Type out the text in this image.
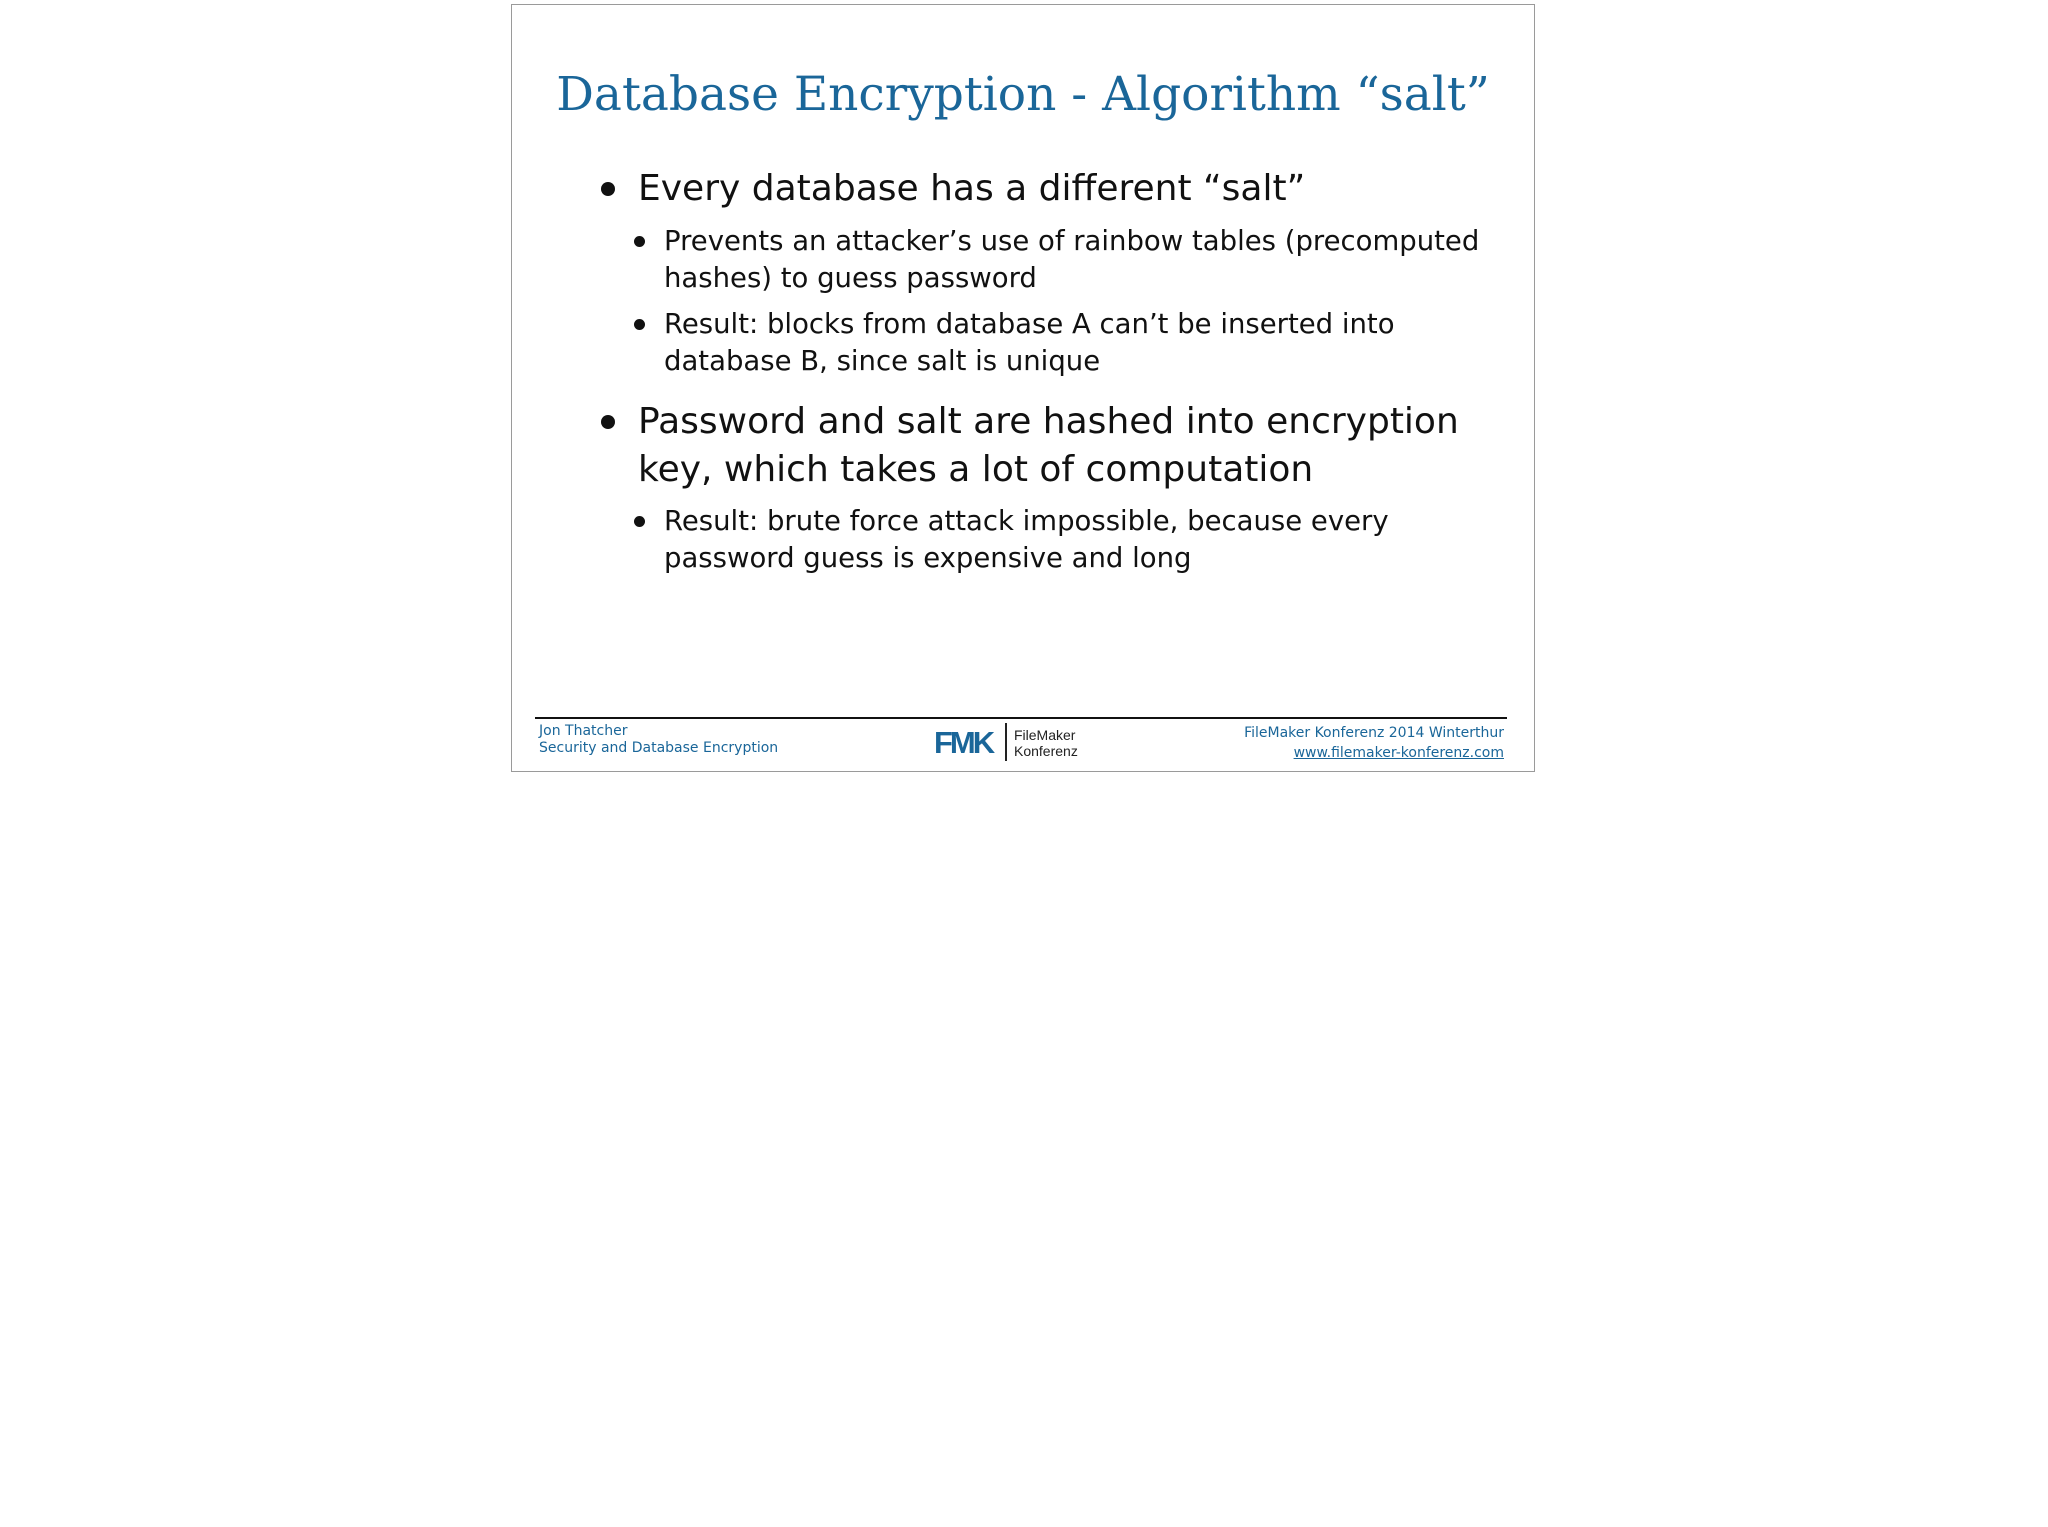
Database Encryption - Algorithm “salt”
Every database has a different “salt”
Prevents an attacker’s use of rainbow tables (precomputed
hashes) to guess password
Result: blocks from database A can’t be inserted into
database B, since salt is unique
Password and salt are hashed into encryption
key, which takes a lot of computation
Result: brute force attack impossible, because every
password guess is expensive and long
Jon Thatcher
Security and Database Encryption	FMK FileMaker
Konferenz
FileMaker Konferenz 2014 Winterthur
www.filemaker-konferenz.com
